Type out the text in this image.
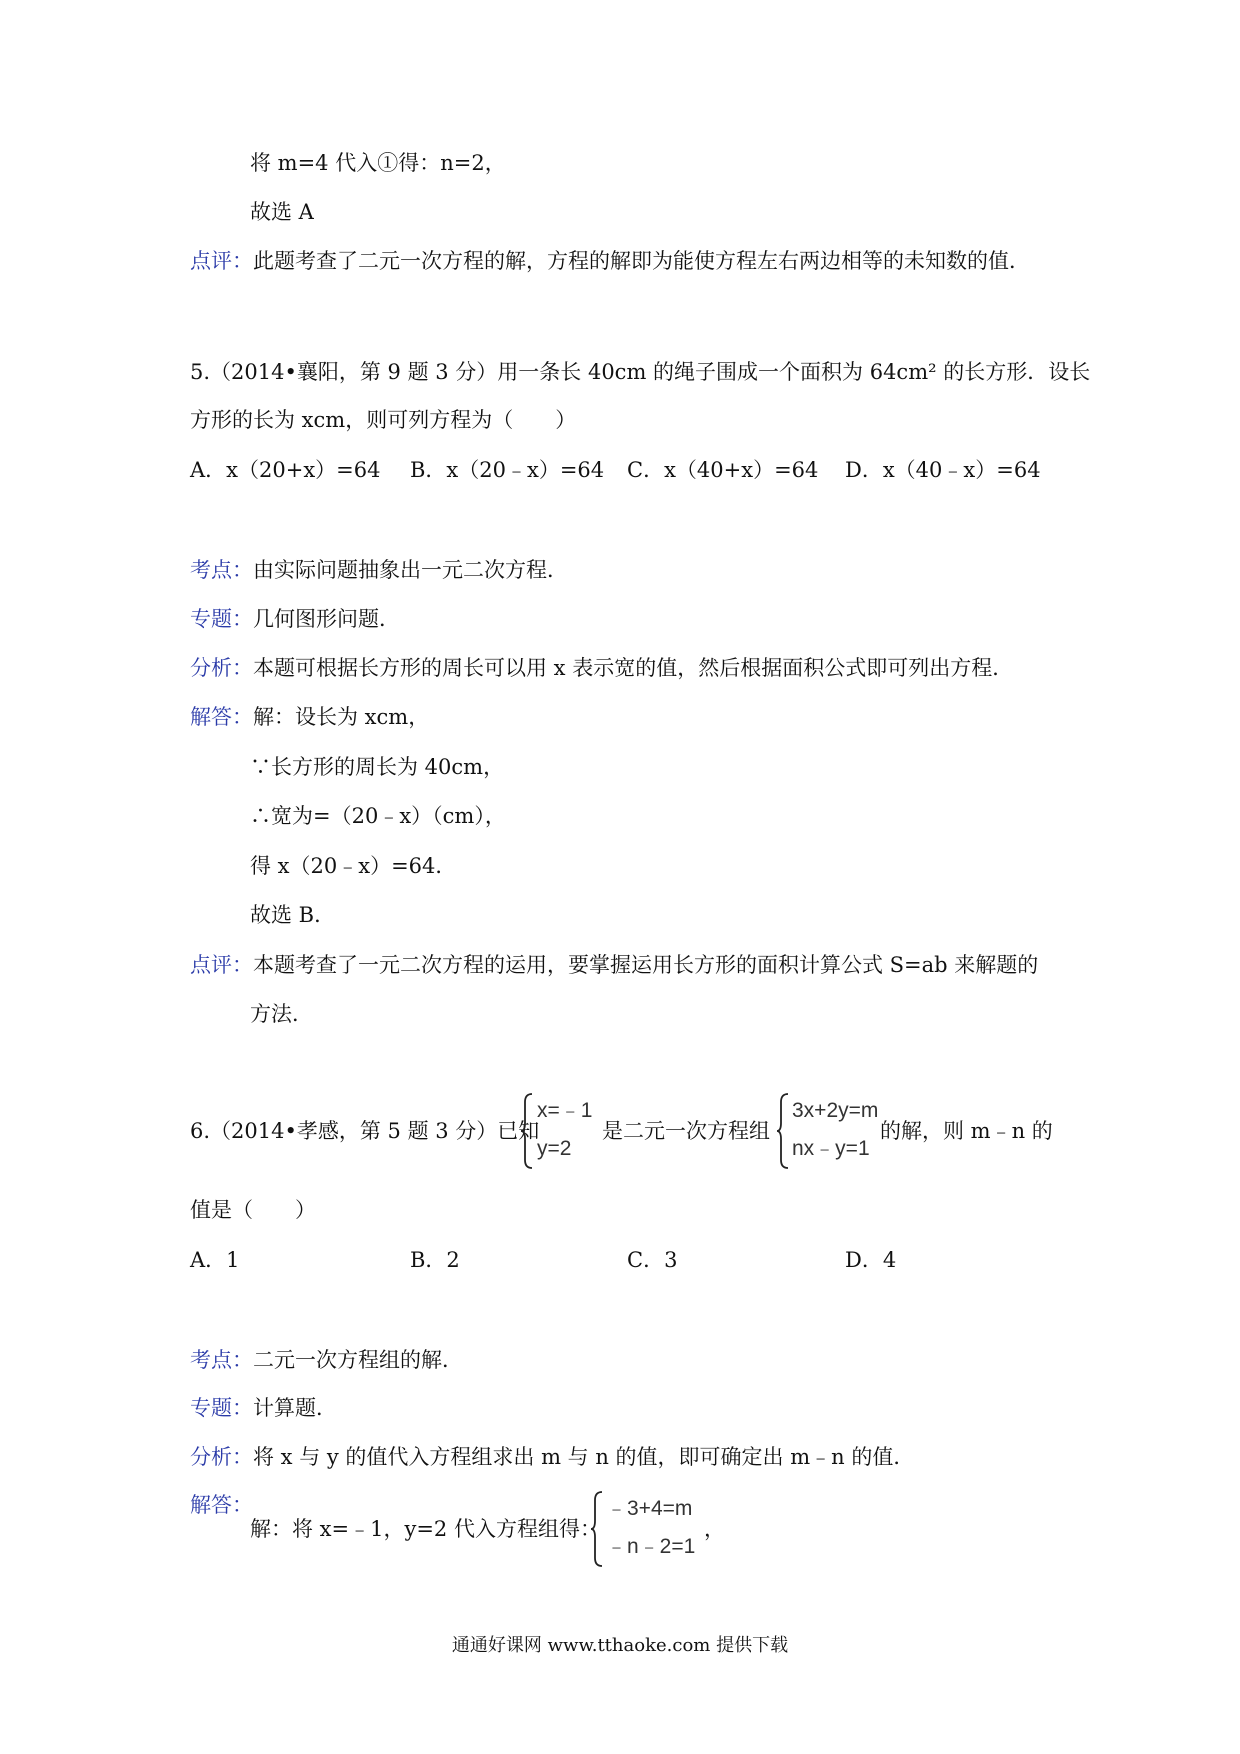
将 m=4 代入①得：n=2，
故选 A
点评：此题考查了二元一次方程的解，方程的解即为能使方程左右两边相等的未知数的值．
5.（2014•襄阳，第 9 题 3 分）用一条长 40cm 的绳子围成一个面积为 64cm² 的长方形．设长
方形的长为 xcm，则可列方程为（　　）
A．x（20+x）=64 B．x（20﹣x）=64 C．x（40+x）=64 D．x（40﹣x）=64
考点：由实际问题抽象出一元二次方程．
专题：几何图形问题．
分析：本题可根据长方形的周长可以用 x 表示宽的值，然后根据面积公式即可列出方程．
解答：解：设长为 xcm，
∵长方形的周长为 40cm，
∴宽为=（20﹣x）（cm），
得 x（20﹣x）=64．
故选 B．
点评：本题考查了一元二次方程的运用，要掌握运用长方形的面积计算公式 S=ab 来解题的
方法．
6.（2014•孝感，第 5 题 3 分）已知
x=﹣1
y=2
是二元一次方程组
3x+2y=m
nx﹣y=1
的解，则 m﹣n 的
值是（　　）
A．1	B．2	C．3	D．4
考点：二元一次方程组的解．
专题：计算题．
分析：将 x 与 y 的值代入方程组求出 m 与 n 的值，即可确定出 m﹣n 的值．
解答：
解：将 x=﹣1，y=2 代入方程组得：
﹣3+4=m
﹣n﹣2=1
，
通通好课网 www.tthaoke.com 提供下载
